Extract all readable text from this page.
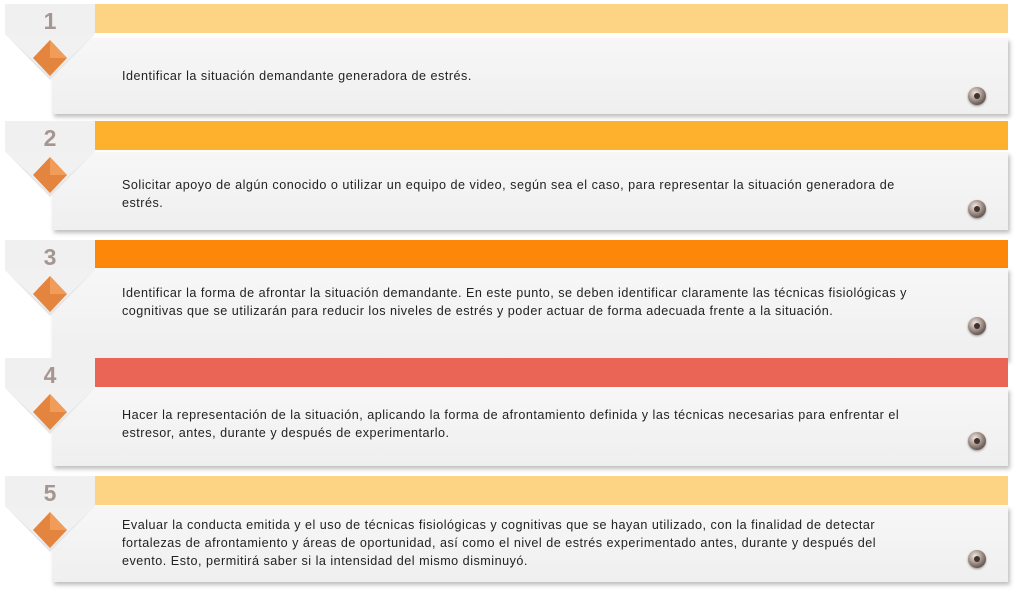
Identificar la situación demandante generadora de estrés.

1

Solicitar apoyo de algún conocido o utilizar un equipo de video, según sea el caso, para representar la situación generadora de estrés.

2

Identificar la forma de afrontar la situación demandante. En este punto, se deben identificar claramente las técnicas fisiológicas y cognitivas que se utilizarán para reducir los niveles de estrés y poder actuar de forma adecuada frente a la situación.

3

Hacer la representación de la situación, aplicando la forma de afrontamiento definida y las técnicas necesarias para enfrentar el estresor, antes, durante y después de experimentarlo.

4

Evaluar la conducta emitida y el uso de técnicas fisiológicas y cognitivas que se hayan utilizado, con la finalidad de detectar fortalezas de afrontamiento y áreas de oportunidad, así como el nivel de estrés experimentado antes, durante y después del evento. Esto, permitirá saber si la intensidad del mismo disminuyó.

5
